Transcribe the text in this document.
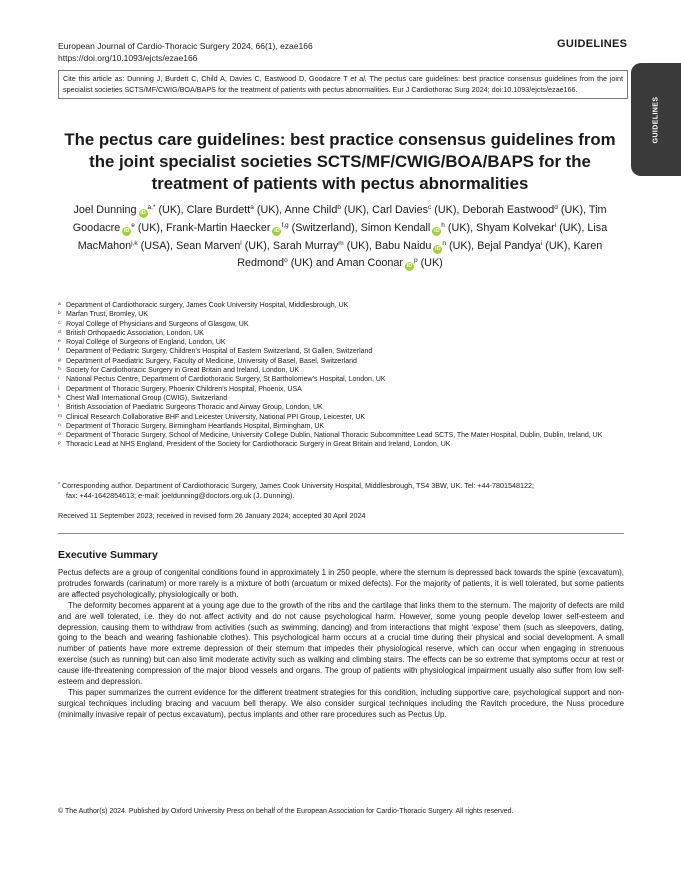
European Journal of Cardio-Thoracic Surgery 2024, 66(1), ezae166
https://doi.org/10.1093/ejcts/ezae166
GUIDELINES
GUIDELINES
Cite this article as: Dunning J, Burdett C, Child A, Davies C, Eastwood D, Goodacre T et al. The pectus care guidelines: best practice consensus guidelines from the joint specialist societies SCTS/MF/CWIG/BOA/BAPS for the treatment of patients with pectus abnormalities. Eur J Cardiothorac Surg 2024; doi:10.1093/ejcts/ezae166.
The pectus care guidelines: best practice consensus guidelines from the joint specialist societies SCTS/MF/CWIG/BOA/BAPS for the treatment of patients with pectus abnormalities
Joel Dunning $iD^{a,*}$ (UK), Clare Burdett$^a$ (UK), Anne Child$^b$ (UK), Carl Davies$^c$ (UK), Deborah Eastwood$^d$ (UK), Tim Goodacre $iD^e$ (UK), Frank-Martin Haecker iD$^{f,g}$ (Switzerland), Simon Kendall $iD^h$ (UK), Shyam Kolvekar$^i$ (UK), Lisa MacMahon$^{j,k}$ (USA), Sean Marven$^l$ (UK), Sarah Murray$^m$ (UK), Babu Naidu $iD^n$ (UK), Bejal Pandya$^i$ (UK), Karen Redmond$^o$ (UK) and Aman Coonar $iD^p$ (UK)
a Department of Cardiothoracic surgery, James Cook University Hospital, Middlesbrough, UK
b Marfan Trust, Bromley, UK
c Royal College of Physicians and Surgeons of Glasgow, UK
d British Orthopaedic Association, London, UK
e Royal College of Surgeons of England, London, UK
f Department of Pediatric Surgery, Children’s Hospital of Eastern Switzerland, St Gallen, Switzerland
g Department of Paediatric Surgery, Faculty of Medicine, University of Basel, Basel, Switzerland
h Society for Cardiothoracic Surgery in Great Britain and Ireland, London, UK
i National Pectus Centre, Department of Cardiothoracic Surgery, St Bartholomew’s Hospital, London, UK
j Department of Thoracic Surgery, Phoenix Children’s Hospital, Phoenix, USA
k Chest Wall International Group (CWIG), Switzerland
l British Association of Paediatric Surgeons Thoracic and Airway Group, London, UK
m Clinical Research Collaborative BHF and Leicester University, National PPI Group, Leicester, UK
n Department of Thoracic Surgery, Birmingham Heartlands Hospital, Birmingham, UK
o Department of Thoracic Surgery, School of Medicine, University College Dublin, National Thoracic Subcommittee Lead SCTS, The Mater Hospital, Dublin, Dublin, Ireland, UK
p Thoracic Lead at NHS England, President of the Society for Cardiothoracic Surgery in Great Britain and Ireland, London, UK
* Corresponding author. Department of Cardiothoracic Surgery, James Cook University Hospital, Middlesbrough, TS4 3BW, UK. Tel: +44-7801548122;
fax: +44-1642854613; e-mail: joeldunning@doctors.org.uk (J. Dunning).
Received 11 September 2023; received in revised form 26 January 2024; accepted 30 April 2024
Executive Summary

Pectus defects are a group of congenital conditions found in approximately 1 in 250 people, where the sternum is depressed back towards the spine (excavatum), protrudes forwards (carinatum) or more rarely is a mixture of both (arcuatum or mixed defects). For the majority of patients, it is well tolerated, but some patients are affected psychologically, physiologically or both.

The deformity becomes apparent at a young age due to the growth of the ribs and the cartilage that links them to the sternum. The majority of defects are mild and are well tolerated, i.e. they do not affect activity and do not cause psychological harm. However, some young people develop lower self-esteem and depression, causing them to withdraw from activities (such as swimming, dancing) and from interactions that might ‘expose’ them (such as sleepovers, dating, going to the beach and wearing fashionable clothes). This psychological harm occurs at a crucial time during their physical and social development. A small number of patients have more extreme depression of their sternum that impedes their physiological reserve, which can occur when engaging in strenuous exercise (such as running) but can also limit moderate activity such as walking and climbing stairs. The effects can be so extreme that symptoms occur at rest or cause life-threatening compression of the major blood vessels and organs. The group of patients with physiological impairment usually also suffer from low self-esteem and depression.

This paper summarizes the current evidence for the different treatment strategies for this condition, including supportive care, psychological support and non-surgical techniques including bracing and vacuum bell therapy. We also consider surgical techniques including the Ravitch procedure, the Nuss procedure (minimally invasive repair of pectus excavatum), pectus implants and other rare procedures such as Pectus Up.

© The Author(s) 2024. Published by Oxford University Press on behalf of the European Association for Cardio-Thoracic Surgery. All rights reserved.
